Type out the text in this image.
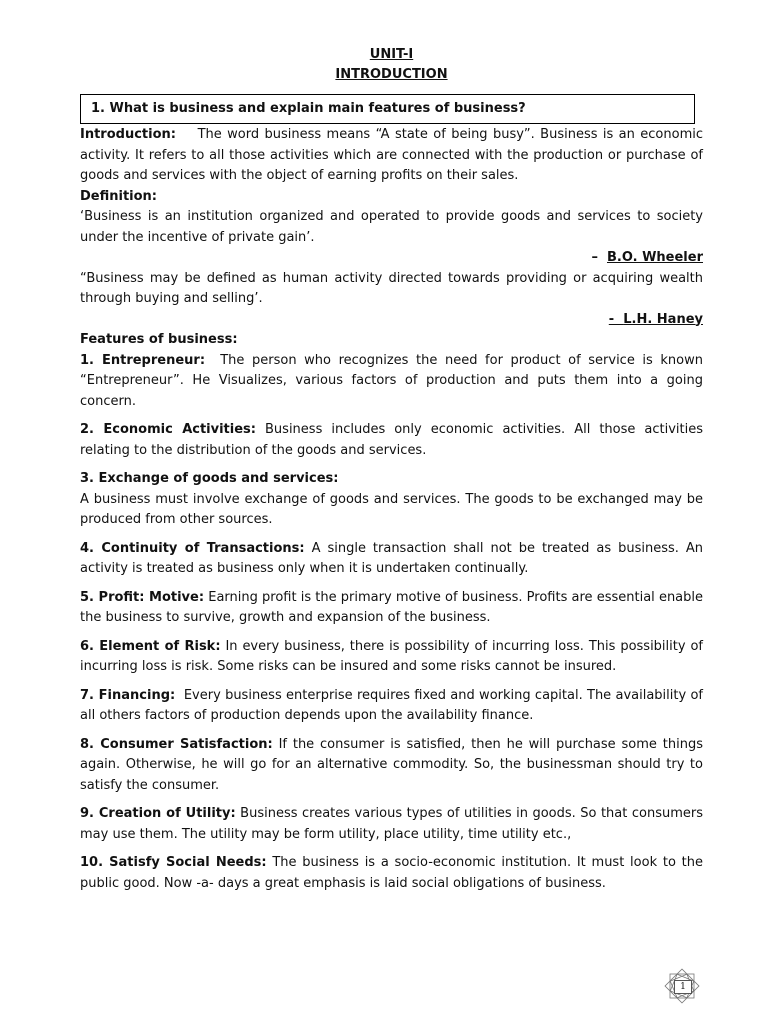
UNIT-I
INTRODUCTION
1. What is business and explain main features of business?

Introduction: The word business means “A state of being busy”. Business is an economic activity. It refers to all those activities which are connected with the production or purchase of goods and services with the object of earning profits on their sales.

Definition:

‘Business is an institution organized and operated to provide goods and services to society under the incentive of private gain’.

–  B.O. Wheeler

“Business may be defined as human activity directed towards providing or acquiring wealth through buying and selling’.

-  L.H. Haney

Features of business:

1. Entrepreneur: The person who recognizes the need for product of service is known “Entrepreneur”. He Visualizes, various factors of production and puts them into a going concern.

2. Economic Activities: Business includes only economic activities. All those activities relating to the distribution of the goods and services.

3. Exchange of goods and services:
A business must involve exchange of goods and services. The goods to be exchanged may be produced from other sources.

4. Continuity of Transactions: A single transaction shall not be treated as business. An activity is treated as business only when it is undertaken continually.

5. Profit: Motive: Earning profit is the primary motive of business. Profits are essential enable the business to survive, growth and expansion of the business.

6. Element of Risk: In every business, there is possibility of incurring loss. This possibility of incurring loss is risk. Some risks can be insured and some risks cannot be insured.

7. Financing: Every business enterprise requires fixed and working capital. The availability of all others factors of production depends upon the availability finance.

8. Consumer Satisfaction: If the consumer is satisfied, then he will purchase some things again. Otherwise, he will go for an alternative commodity. So, the businessman should try to satisfy the consumer.

9. Creation of Utility: Business creates various types of utilities in goods. So that consumers may use them. The utility may be form utility, place utility, time utility etc.,

10. Satisfy Social Needs: The business is a socio-economic institution. It must look to the public good. Now -a- days a great emphasis is laid social obligations of business.

1
